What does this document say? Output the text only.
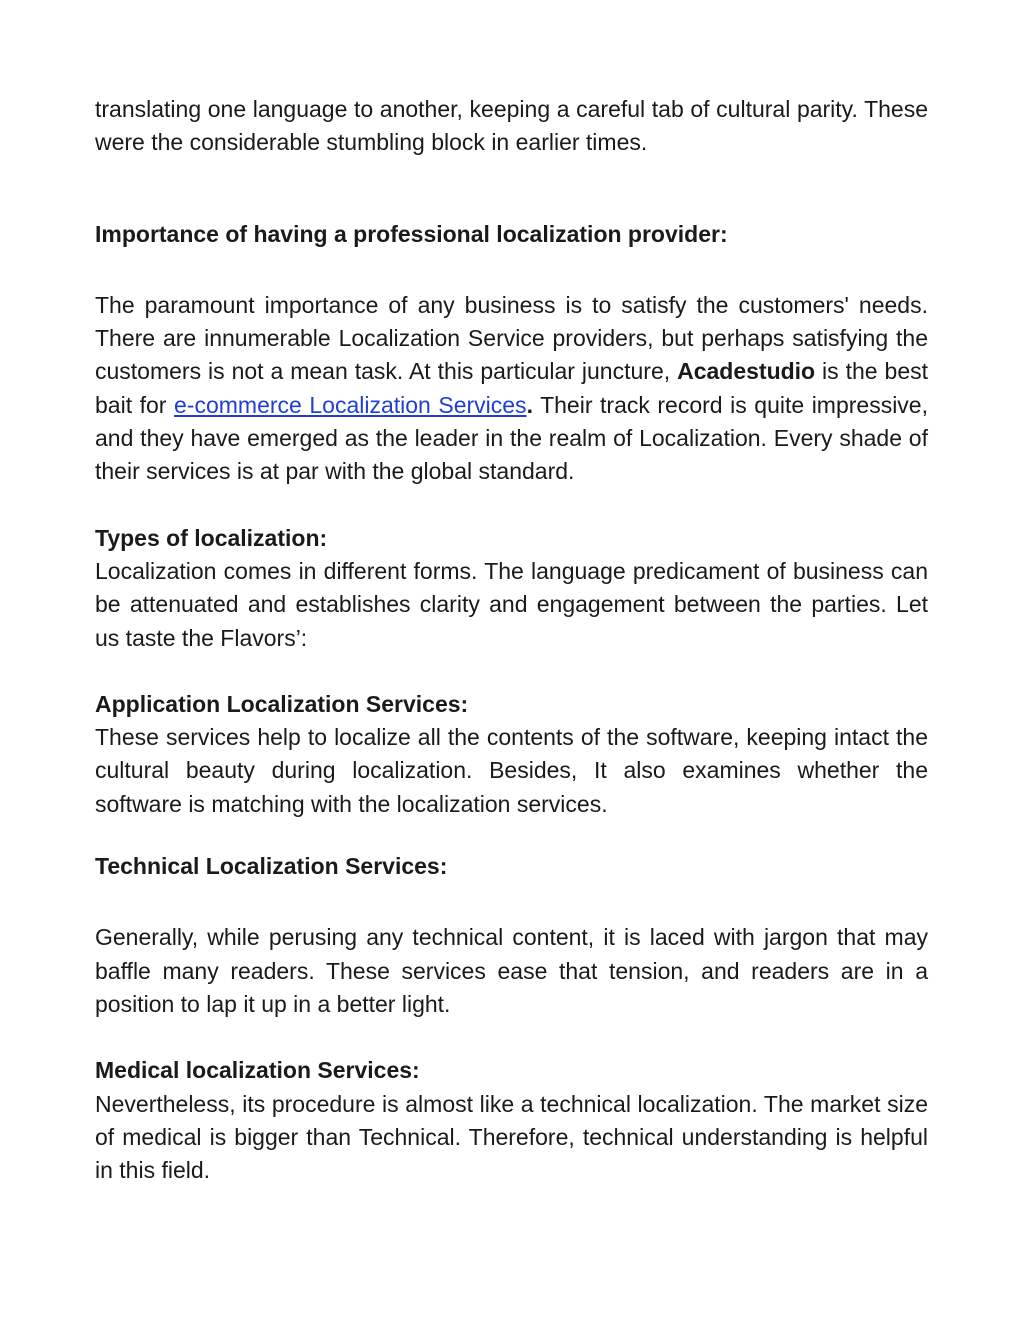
translating one language to another, keeping a careful tab of cultural parity. These were the considerable stumbling block in earlier times.

Importance of having a professional localization provider:

The paramount importance of any business is to satisfy the customers' needs. There are innumerable Localization Service providers, but perhaps satisfying the customers is not a mean task. At this particular juncture, Acadestudio is the best bait for e-commerce Localization Services. Their track record is quite impressive, and they have emerged as the leader in the realm of Localization. Every shade of their services is at par with the global standard.

Types of localization:

Localization comes in different forms. The language predicament of business can be attenuated and establishes clarity and engagement between the parties. Let us taste the Flavors’:

Application Localization Services:

These services help to localize all the contents of the software, keeping intact the cultural beauty during localization. Besides, It also examines whether the software is matching with the localization services.

Technical Localization Services:

Generally, while perusing any technical content, it is laced with jargon that may baffle many readers. These services ease that tension, and readers are in a position to lap it up in a better light.

Medical localization Services:

Nevertheless, its procedure is almost like a technical localization. The market size of medical is bigger than Technical. Therefore, technical understanding is helpful in this field.
